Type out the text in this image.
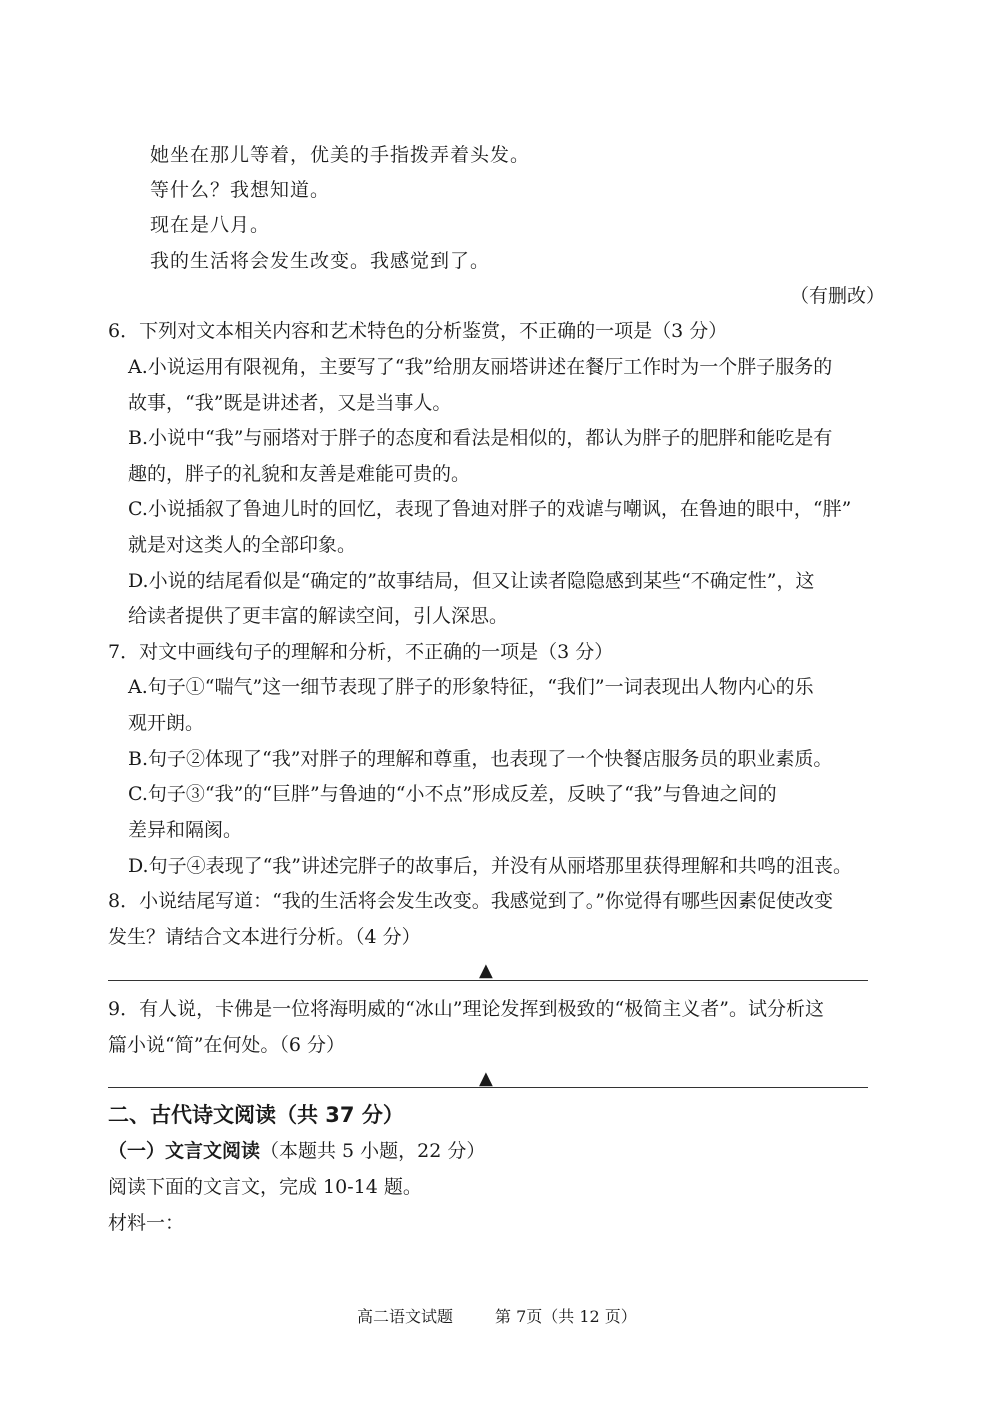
她坐在那儿等着，优美的手指拨弄着头发。
等什么？我想知道。
现在是八月。
我的生活将会发生改变。我感觉到了。
（有删改）
6．下列对文本相关内容和艺术特色的分析鉴赏，不正确的一项是（3 分）
A.小说运用有限视角，主要写了“我”给朋友丽塔讲述在餐厅工作时为一个胖子服务的
故事，“我”既是讲述者，又是当事人。
B.小说中“我”与丽塔对于胖子的态度和看法是相似的，都认为胖子的肥胖和能吃是有
趣的，胖子的礼貌和友善是难能可贵的。
C.小说插叙了鲁迪儿时的回忆，表现了鲁迪对胖子的戏谑与嘲讽，在鲁迪的眼中，“胖”
就是对这类人的全部印象。
D.小说的结尾看似是“确定的”故事结局，但又让读者隐隐感到某些“不确定性”，这
给读者提供了更丰富的解读空间，引人深思。
7．对文中画线句子的理解和分析，不正确的一项是（3 分）
A.句子①“喘气”这一细节表现了胖子的形象特征，“我们”一词表现出人物内心的乐
观开朗。
B.句子②体现了“我”对胖子的理解和尊重，也表现了一个快餐店服务员的职业素质。
C.句子③“我”的“巨胖”与鲁迪的“小不点”形成反差，反映了“我”与鲁迪之间的
差异和隔阂。
D.句子④表现了“我”讲述完胖子的故事后，并没有从丽塔那里获得理解和共鸣的沮丧。
8．小说结尾写道：“我的生活将会发生改变。我感觉到了。”你觉得有哪些因素促使改变
发生？请结合文本进行分析。（4 分）
▲
9．有人说，卡佛是一位将海明威的“冰山”理论发挥到极致的“极简主义者”。试分析这
篇小说“简”在何处。（6 分）
▲
二、古代诗文阅读（共 37 分）
（一）文言文阅读（本题共 5 小题，22 分）
阅读下面的文言文，完成 10-14 题。
材料一：
高二语文试题	第 7页（共 12 页）
